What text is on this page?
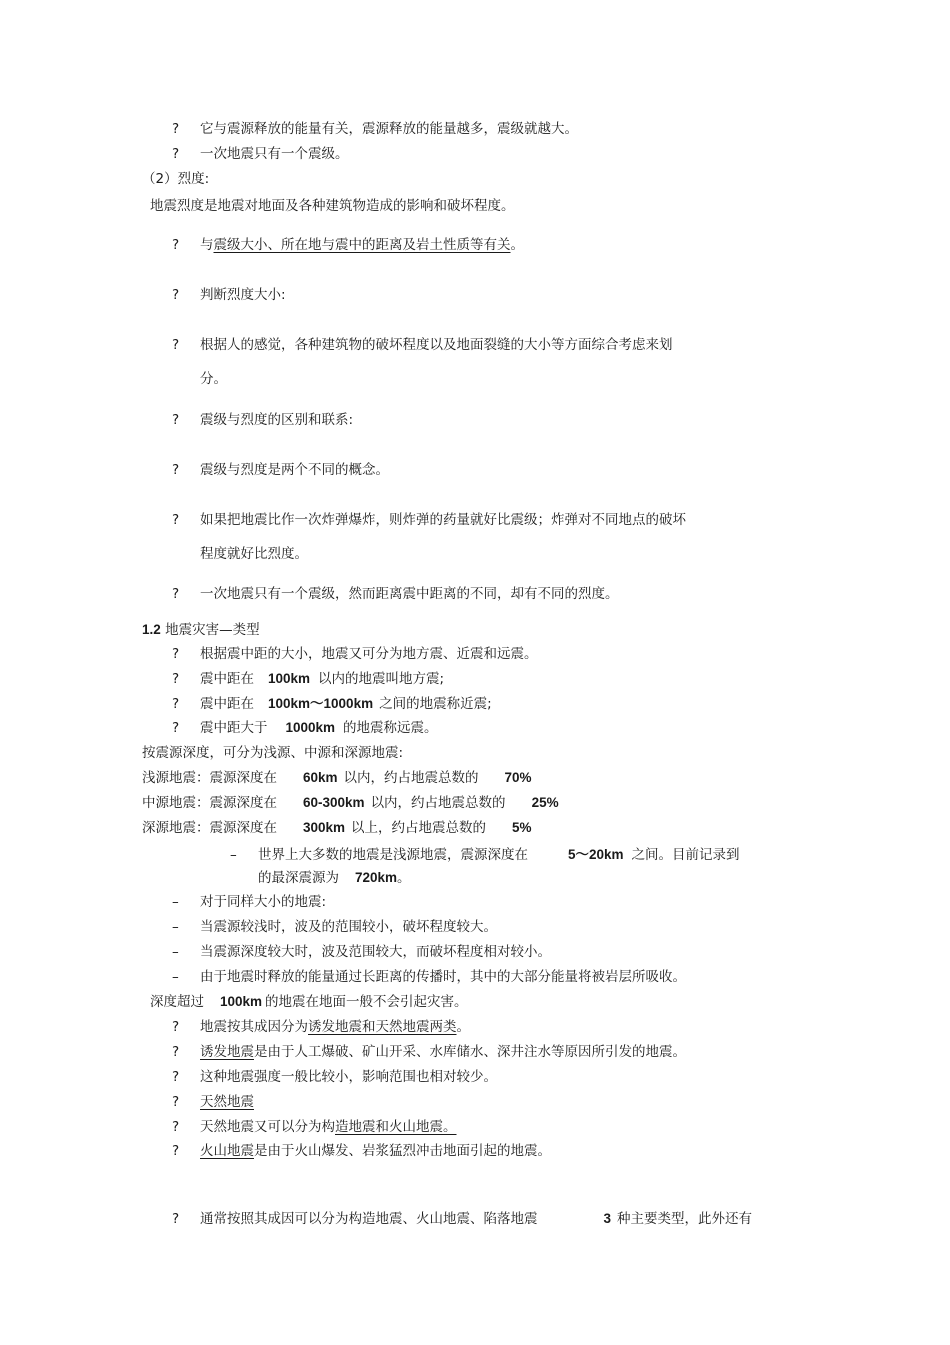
? 它与震源释放的能量有关，震源释放的能量越多，震级就越大。
? 一次地震只有一个震级。
（2）烈度:
地震烈度是地震对地面及各种建筑物造成的影响和破坏程度。
? 与震级大小、所在地与震中的距离及岩土性质等有关。
? 判断烈度大小:
? 根据人的感觉，各种建筑物的破坏程度以及地面裂缝的大小等方面综合考虑来划
分。
? 震级与烈度的区别和联系:
? 震级与烈度是两个不同的概念。
? 如果把地震比作一次炸弹爆炸，则炸弹的药量就好比震级；炸弹对不同地点的破坏
程度就好比烈度。
? 一次地震只有一个震级，然而距离震中距离的不同，却有不同的烈度。
1.2 地震灾害—类型
? 根据震中距的大小，地震又可分为地方震、近震和远震。
? 震中距在 100km 以内的地震叫地方震;
? 震中距在 100km～1000km 之间的地震称近震;
? 震中距大于 1000km 的地震称远震。
按震源深度，可分为浅源、中源和深源地震:
浅源地震：震源深度在 60km 以内，约占地震总数的 70%
中源地震：震源深度在 60-300km 以内，约占地震总数的 25%
深源地震：震源深度在 300km 以上，约占地震总数的 5%
– 世界上大多数的地震是浅源地震，震源深度在	5～20km 之间。目前记录到
的最深震源为 720km。
– 对于同样大小的地震:
– 当震源较浅时，波及的范围较小，破坏程度较大。
– 当震源深度较大时，波及范围较大，而破坏程度相对较小。
– 由于地震时释放的能量通过长距离的传播时，其中的大部分能量将被岩层所吸收。
深度超过 100km 的地震在地面一般不会引起灾害。
? 地震按其成因分为诱发地震和天然地震两类。
? 诱发地震是由于人工爆破、矿山开采、水库储水、深井注水等原因所引发的地震。
? 这种地震强度一般比较小，影响范围也相对较少。
? 天然地震
? 天然地震又可以分为构造地震和火山地震。
? 火山地震是由于火山爆发、岩浆猛烈冲击地面引起的地震。
? 通常按照其成因可以分为构造地震、火山地震、陷落地震	3 种主要类型，此外还有
